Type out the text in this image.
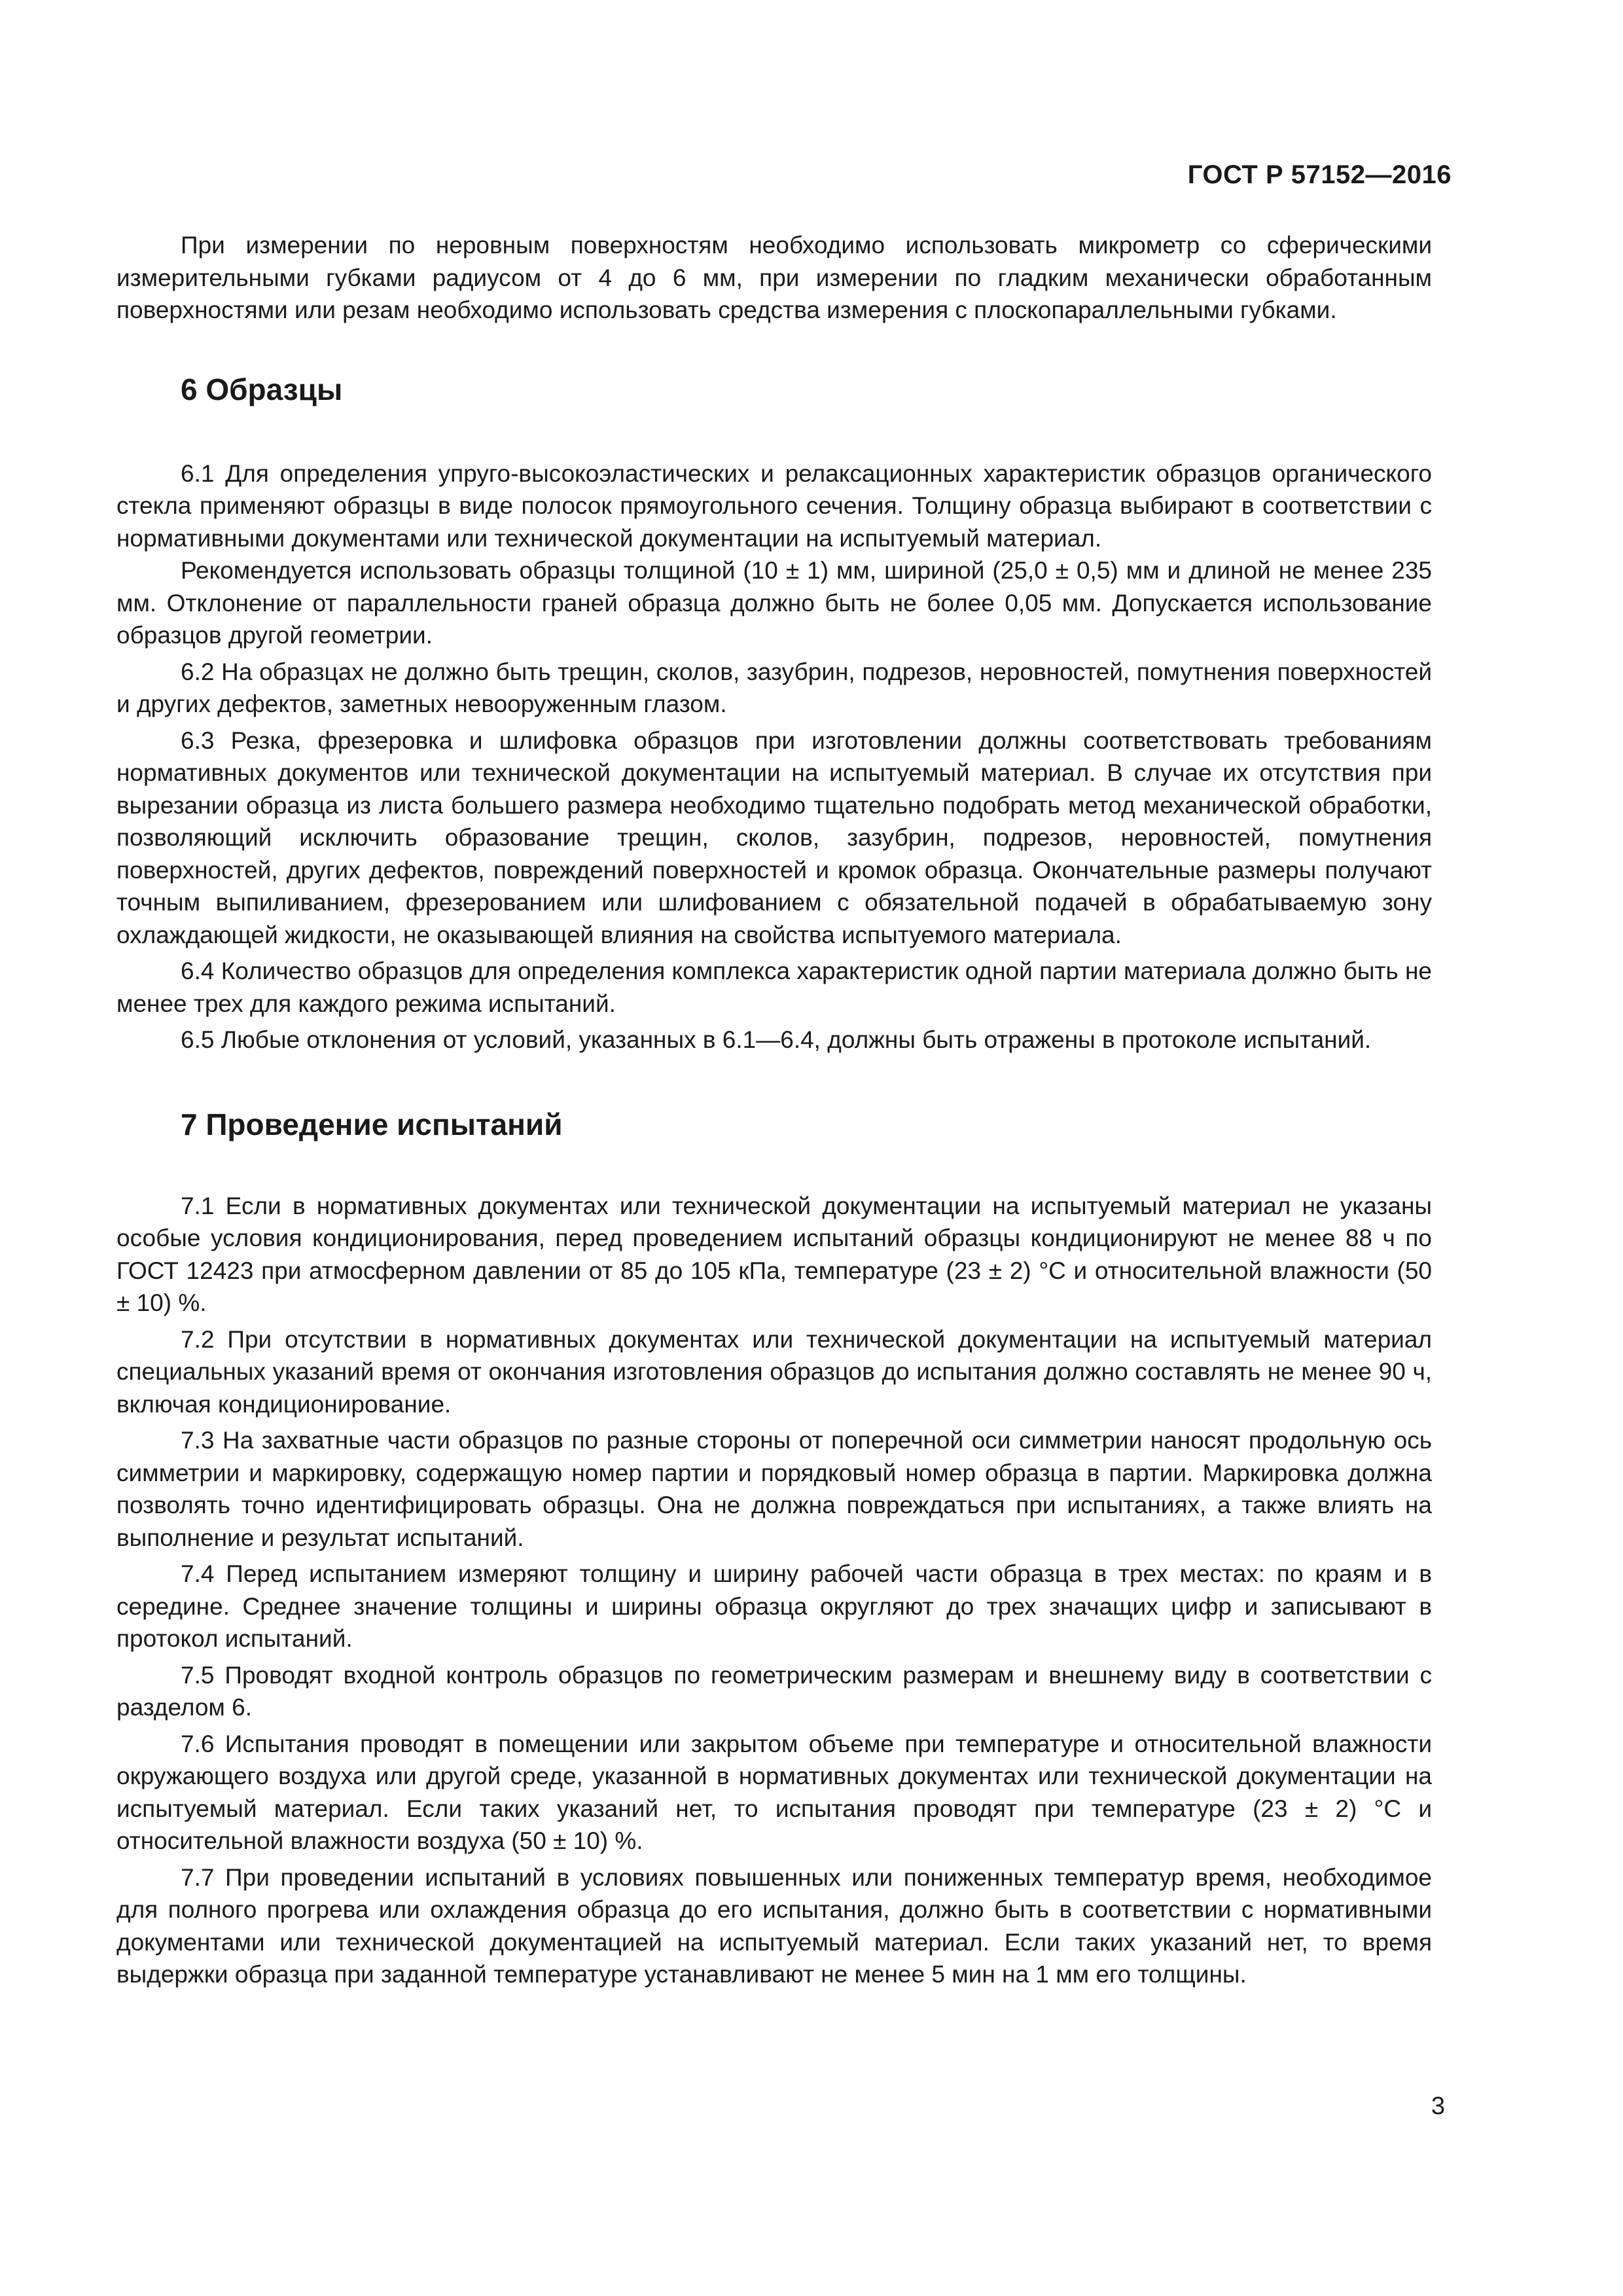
ГОСТ Р 57152—2016

При измерении по неровным поверхностям необходимо использовать микрометр со сферическими измерительными губками радиусом от 4 до 6 мм, при измерении по гладким механически обработанным поверхностями или резам необходимо использовать средства измерения с плоскопараллельными губками.

6 Образцы

6.1 Для определения упруго-высокоэластических и релаксационных характеристик образцов органического стекла применяют образцы в виде полосок прямоугольного сечения. Толщину образца выбирают в соответствии с нормативными документами или технической документации на испытуемый материал.

Рекомендуется использовать образцы толщиной (10 ± 1) мм, шириной (25,0 ± 0,5) мм и длиной не менее 235 мм. Отклонение от параллельности граней образца должно быть не более 0,05 мм. Допускается использование образцов другой геометрии.

6.2 На образцах не должно быть трещин, сколов, зазубрин, подрезов, неровностей, помутнения поверхностей и других дефектов, заметных невооруженным глазом.

6.3 Резка, фрезеровка и шлифовка образцов при изготовлении должны соответствовать требованиям нормативных документов или технической документации на испытуемый материал. В случае их отсутствия при вырезании образца из листа большего размера необходимо тщательно подобрать метод механической обработки, позволяющий исключить образование трещин, сколов, зазубрин, подрезов, неровностей, помутнения поверхностей, других дефектов, повреждений поверхностей и кромок образца. Окончательные размеры получают точным выпиливанием, фрезерованием или шлифованием с обязательной подачей в обрабатываемую зону охлаждающей жидкости, не оказывающей влияния на свойства испытуемого материала.

6.4 Количество образцов для определения комплекса характеристик одной партии материала должно быть не менее трех для каждого режима испытаний.

6.5 Любые отклонения от условий, указанных в 6.1—6.4, должны быть отражены в протоколе испытаний.

7 Проведение испытаний

7.1 Если в нормативных документах или технической документации на испытуемый материал не указаны особые условия кондиционирования, перед проведением испытаний образцы кондиционируют не менее 88 ч по ГОСТ 12423 при атмосферном давлении от 85 до 105 кПа, температуре (23 ± 2) °С и относительной влажности (50 ± 10) %.

7.2 При отсутствии в нормативных документах или технической документации на испытуемый материал специальных указаний время от окончания изготовления образцов до испытания должно составлять не менее 90 ч, включая кондиционирование.

7.3 На захватные части образцов по разные стороны от поперечной оси симметрии наносят продольную ось симметрии и маркировку, содержащую номер партии и порядковый номер образца в партии. Маркировка должна позволять точно идентифицировать образцы. Она не должна повреждаться при испытаниях, а также влиять на выполнение и результат испытаний.

7.4 Перед испытанием измеряют толщину и ширину рабочей части образца в трех местах: по краям и в середине. Среднее значение толщины и ширины образца округляют до трех значащих цифр и записывают в протокол испытаний.

7.5 Проводят входной контроль образцов по геометрическим размерам и внешнему виду в соответствии с разделом 6.

7.6 Испытания проводят в помещении или закрытом объеме при температуре и относительной влажности окружающего воздуха или другой среде, указанной в нормативных документах или технической документации на испытуемый материал. Если таких указаний нет, то испытания проводят при температуре (23 ± 2) °С и относительной влажности воздуха (50 ± 10) %.

7.7 При проведении испытаний в условиях повышенных или пониженных температур время, необходимое для полного прогрева или охлаждения образца до его испытания, должно быть в соответствии с нормативными документами или технической документацией на испытуемый материал. Если таких указаний нет, то время выдержки образца при заданной температуре устанавливают не менее 5 мин на 1 мм его толщины.

3
